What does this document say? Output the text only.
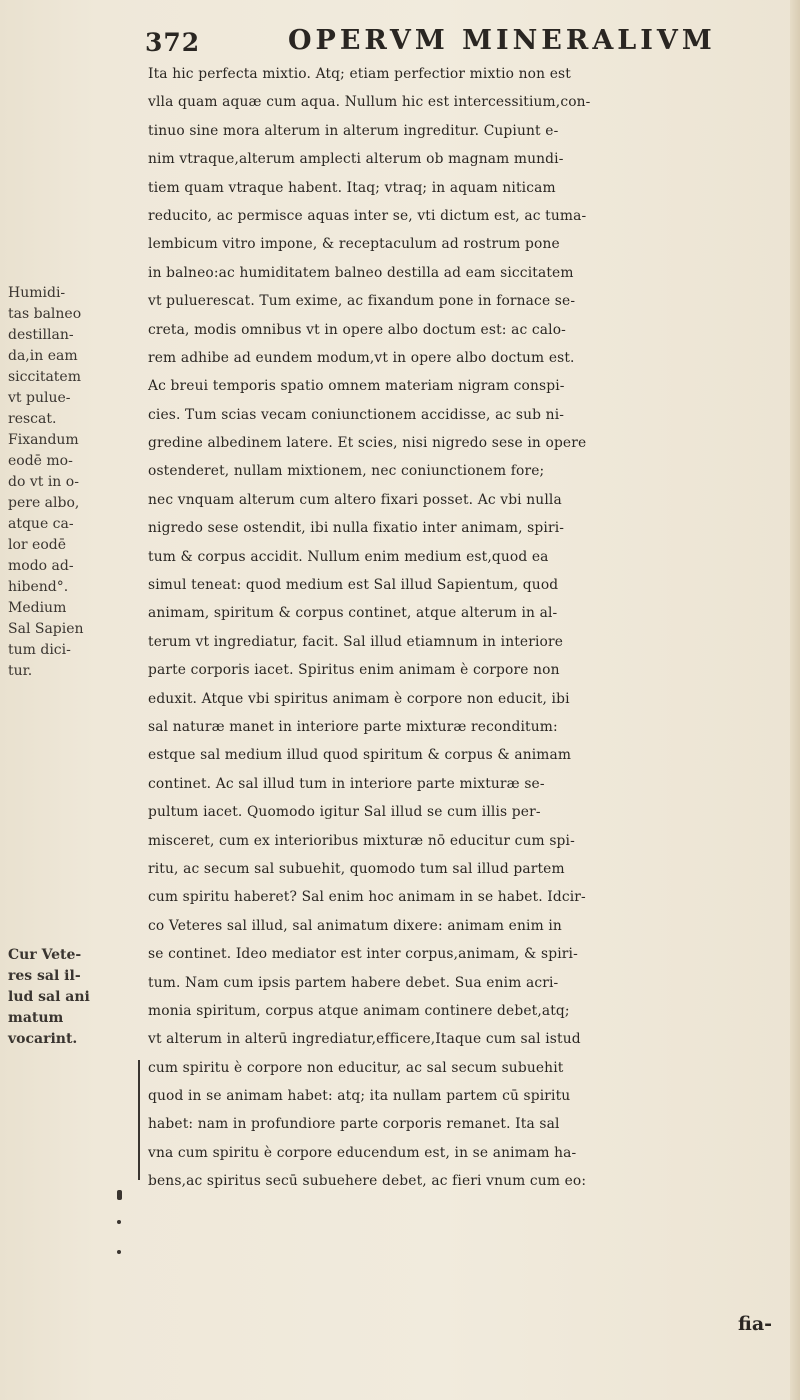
372	OPERVM MINERALIVM
Ita hic perfecta mixtio. Atq; etiam perfectior mixtio non est
vlla quam aquæ cum aqua. Nullum hic est intercessitium,con-
tinuo sine mora alterum in alterum ingreditur. Cupiunt e-
nim vtraque,alterum amplecti alterum ob magnam mundi-
tiem quam vtraque habent. Itaq; vtraq; in aquam niticam
reducito, ac permisce aquas inter se, vti dictum est, ac tuma-
lembicum vitro impone, & receptaculum ad rostrum pone
in balneo:ac humiditatem balneo destilla ad eam siccitatem
vt puluerescat. Tum exime, ac fixandum pone in fornace se-
creta, modis omnibus vt in opere albo doctum est: ac calo-
rem adhibe ad eundem modum,vt in opere albo doctum est.
Ac breui temporis spatio omnem materiam nigram conspi-
cies. Tum scias vecam coniunctionem accidisse, ac sub ni-
gredine albedinem latere. Et scies, nisi nigredo sese in opere
ostenderet, nullam mixtionem, nec coniunctionem fore;
nec vnquam alterum cum altero fixari posset. Ac vbi nulla
nigredo sese ostendit, ibi nulla fixatio inter animam, spiri-
tum & corpus accidit. Nullum enim medium est,quod ea
simul teneat: quod medium est Sal illud Sapientum, quod
animam, spiritum & corpus continet, atque alterum in al-
terum vt ingrediatur, facit. Sal illud etiamnum in interiore
parte corporis iacet. Spiritus enim animam è corpore non
eduxit. Atque vbi spiritus animam è corpore non educit, ibi
sal naturæ manet in interiore parte mixturæ reconditum:
estque sal medium illud quod spiritum & corpus & animam
continet. Ac sal illud tum in interiore parte mixturæ se-
pultum iacet. Quomodo igitur Sal illud se cum illis per-
misceret, cum ex interioribus mixturæ nō educitur cum spi-
ritu, ac secum sal subuehit, quomodo tum sal illud partem
cum spiritu haberet? Sal enim hoc animam in se habet. Idcir-
co Veteres sal illud, sal animatum dixere: animam enim in
se continet. Ideo mediator est inter corpus,animam, & spiri-
tum. Nam cum ipsis partem habere debet. Sua enim acri-
monia spiritum, corpus atque animam continere debet,atq;
vt alterum in alterū ingrediatur,efficere,Itaque cum sal istud
cum spiritu è corpore non educitur, ac sal secum subuehit
quod in se animam habet: atq; ita nullam partem cū spiritu
habet: nam in profundiore parte corporis remanet. Ita sal
vna cum spiritu è corpore educendum est, in se animam ha-
bens,ac spiritus secū subuehere debet, ac fieri vnum cum eo:
Humidi-
tas balneo
destillan-
da,in eam
siccitatem
vt pulue-
rescat.
Fixandum
eodē mo-
do vt in o-
pere albo,
atque ca-
lor eodē
modo ad-
hibend°.
Medium
Sal Sapien
tum dici-
tur.
Cur Vete-
res sal il-
lud sal ani
matum
vocarint.
fia-
